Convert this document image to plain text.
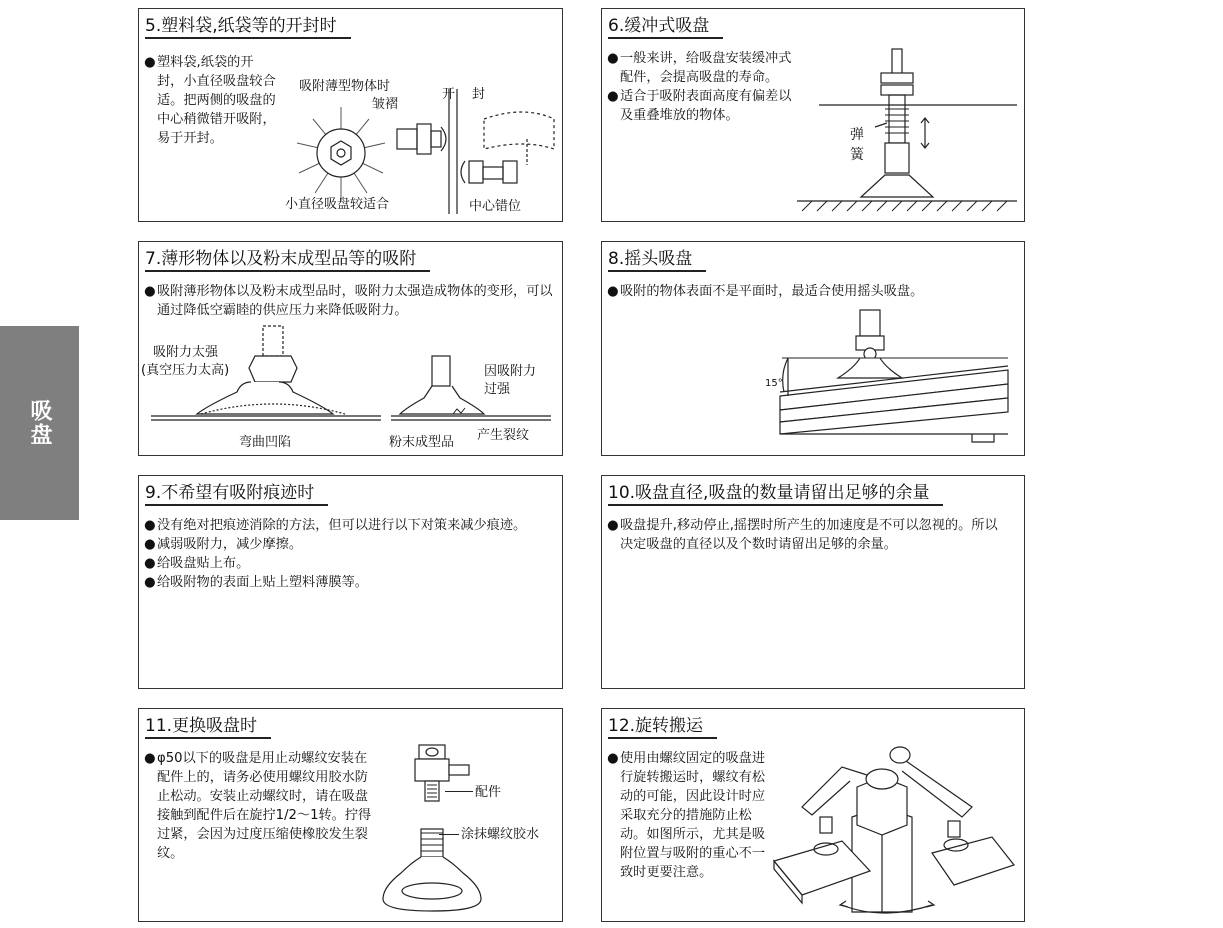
吸盘
5.塑料袋,纸袋等的开封时
● 塑料袋,纸袋的开封，小直径吸盘较合适。把两侧的吸盘的中心稍微错开吸附，易于开封。
吸附薄型物体时
皱褶
开 封
小直径吸盘较适合	中心错位
6.缓冲式吸盘
● 一般来讲，给吸盘安装缓冲式配件，会提高吸盘的寿命。
● 适合于吸附表面高度有偏差以及重叠堆放的物体。
弹
簧
7.薄形物体以及粉末成型品等的吸附
● 吸附薄形物体以及粉末成型品时，吸附力太强造成物体的变形，可以通过降低空霸睦的供应压力来降低吸附力。
吸附力太强
(真空压力太高)
弯曲凹陷
因吸附力
过强
粉末成型品 产生裂纹
8.摇头吸盘
● 吸附的物体表面不是平面时，最适合使用摇头吸盘。
15°
9.不希望有吸附痕迹时
● 没有绝对把痕迹消除的方法，但可以进行以下对策来减少痕迹。
● 减弱吸附力，减少摩擦。
● 给吸盘贴上布。
● 给吸附物的表面上贴上塑料薄膜等。
10.吸盘直径,吸盘的数量请留出足够的余量
● 吸盘提升,移动停止,摇摆时所产生的加速度是不可以忽视的。所以决定吸盘的直径以及个数时请留出足够的余量。
11.更换吸盘时
● φ50以下的吸盘是用止动螺纹安装在配件上的，请务必使用螺纹用胶水防止松动。安装止动螺纹时，请在吸盘接触到配件后在旋拧1/2～1转。拧得过紧，会因为过度压缩使橡胶发生裂纹。
配件
涂抹螺纹胶水
12.旋转搬运
● 使用由螺纹固定的吸盘进行旋转搬运时，螺纹有松动的可能，因此设计时应采取充分的措施防止松动。如图所示，尤其是吸附位置与吸附的重心不一致时更要注意。
